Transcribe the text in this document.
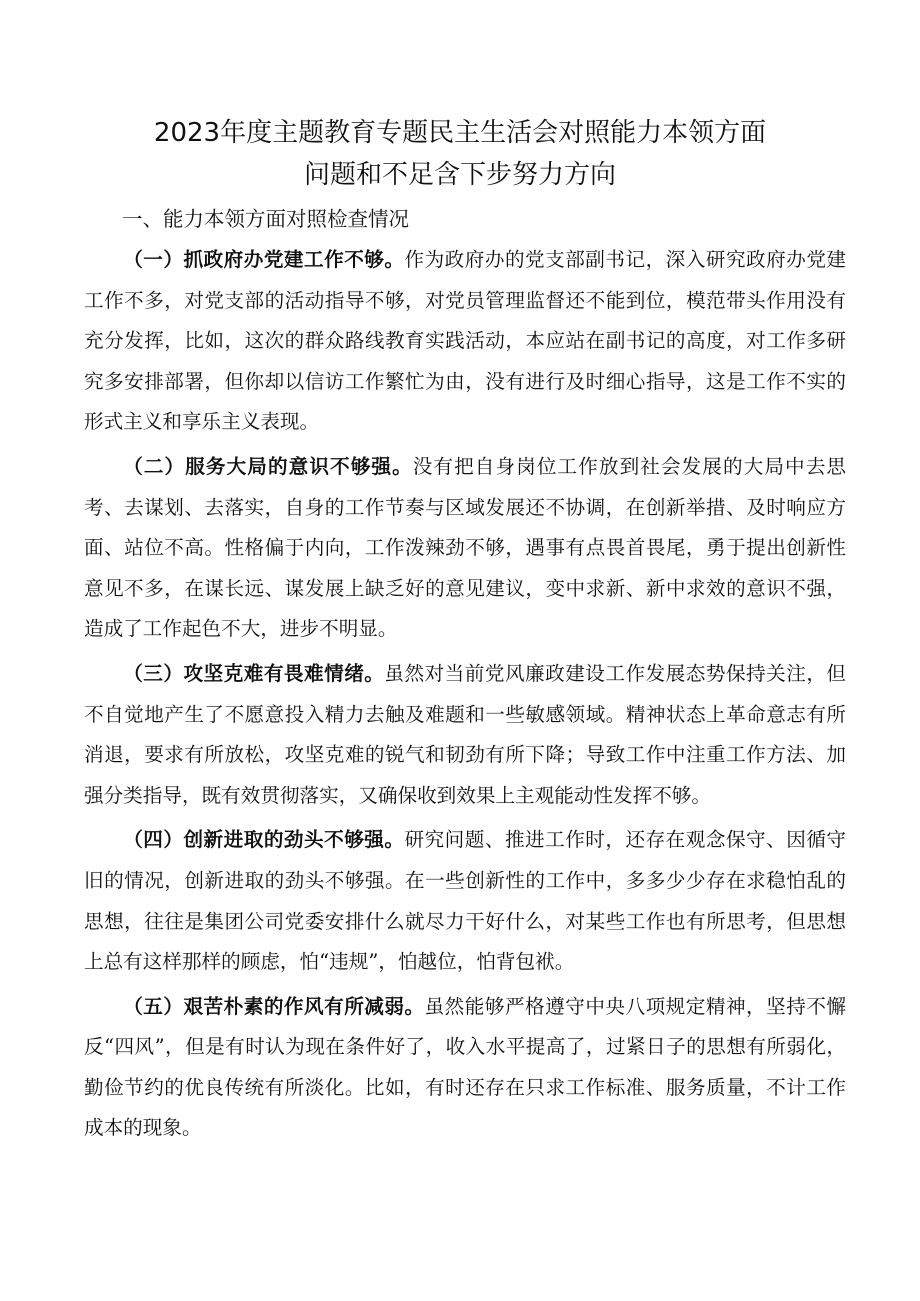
2023年度主题教育专题民主生活会对照能力本领方面
问题和不足含下步努力方向
一、能力本领方面对照检查情况

（一）抓政府办党建工作不够。作为政府办的党支部副书记，深入研究政府办党建工作不多，对党支部的活动指导不够，对党员管理监督还不能到位，模范带头作用没有充分发挥，比如，这次的群众路线教育实践活动，本应站在副书记的高度，对工作多研究多安排部署，但你却以信访工作繁忙为由，没有进行及时细心指导，这是工作不实的形式主义和享乐主义表现。

（二）服务大局的意识不够强。没有把自身岗位工作放到社会发展的大局中去思考、去谋划、去落实，自身的工作节奏与区域发展还不协调，在创新举措、及时响应方面、站位不高。性格偏于内向，工作泼辣劲不够，遇事有点畏首畏尾，勇于提出创新性意见不多，在谋长远、谋发展上缺乏好的意见建议，变中求新、新中求效的意识不强，造成了工作起色不大，进步不明显。

（三）攻坚克难有畏难情绪。虽然对当前党风廉政建设工作发展态势保持关注，但不自觉地产生了不愿意投入精力去触及难题和一些敏感领域。精神状态上革命意志有所消退，要求有所放松，攻坚克难的锐气和韧劲有所下降；导致工作中注重工作方法、加强分类指导，既有效贯彻落实，又确保收到效果上主观能动性发挥不够。

（四）创新进取的劲头不够强。研究问题、推进工作时，还存在观念保守、因循守旧的情况，创新进取的劲头不够强。在一些创新性的工作中，多多少少存在求稳怕乱的思想，往往是集团公司党委安排什么就尽力干好什么，对某些工作也有所思考，但思想上总有这样那样的顾虑，怕“违规”，怕越位，怕背包袱。

（五）艰苦朴素的作风有所减弱。虽然能够严格遵守中央八项规定精神，坚持不懈反“四风”，但是有时认为现在条件好了，收入水平提高了，过紧日子的思想有所弱化，勤俭节约的优良传统有所淡化。比如，有时还存在只求工作标准、服务质量，不计工作成本的现象。
